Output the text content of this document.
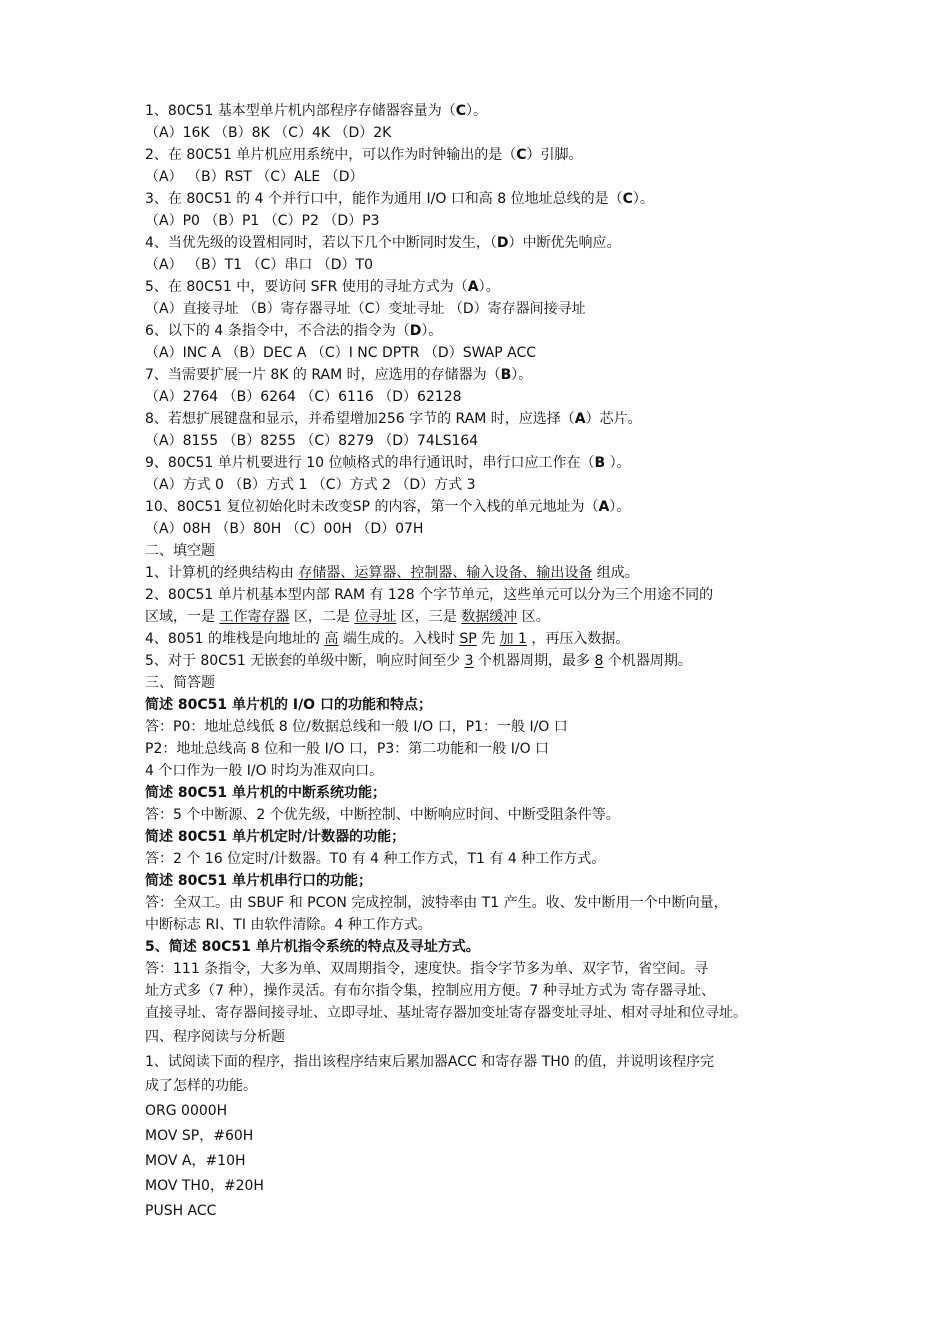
1、80C51 基本型单片机内部程序存储器容量为（C）。
（A）16K （B）8K （C）4K （D）2K
2、在 80C51 单片机应用系统中，可以作为时钟输出的是（C）引脚。
（A） （B）RST （C）ALE （D）
3、在 80C51 的 4 个并行口中，能作为通用 I/O 口和高 8 位地址总线的是（C）。
（A）P0 （B）P1 （C）P2 （D）P3
4、当优先级的设置相同时，若以下几个中断同时发生，（D）中断优先响应。
（A） （B）T1 （C）串口 （D）T0
5、在 80C51 中，要访问 SFR 使用的寻址方式为（A）。
（A）直接寻址 （B）寄存器寻址（C）变址寻址 （D）寄存器间接寻址
6、以下的 4 条指令中，不合法的指令为（D）。
（A）INC A （B）DEC A （C）I NC DPTR （D）SWAP ACC
7、当需要扩展一片 8K 的 RAM 时，应选用的存储器为（B）。
（A）2764 （B）6264 （C）6116 （D）62128
8、若想扩展键盘和显示，并希望增加256 字节的 RAM 时，应选择（A）芯片。
（A）8155 （B）8255 （C）8279 （D）74LS164
9、80C51 单片机要进行 10 位帧格式的串行通讯时，串行口应工作在（B ）。
（A）方式 0 （B）方式 1 （C）方式 2 （D）方式 3
10、80C51 复位初始化时未改变SP 的内容，第一个入栈的单元地址为（A）。
（A）08H （B）80H （C）00H （D）07H
二、填空题
1、计算机的经典结构由 存储器、运算器、控制器、输入设备、输出设备 组成。
2、80C51 单片机基本型内部 RAM 有 128 个字节单元，这些单元可以分为三个用途不同的
区域，一是 工作寄存器 区，二是 位寻址 区，三是 数据缓冲 区。
4、8051 的堆栈是向地址的 高 端生成的。入栈时 SP 先 加 1 ，再压入数据。
5、对于 80C51 无嵌套的单级中断，响应时间至少 3 个机器周期，最多 8 个机器周期。
三、简答题
简述 80C51 单片机的 I/O 口的功能和特点；
答：P0：地址总线低 8 位/数据总线和一般 I/O 口，P1：一般 I/O 口
P2：地址总线高 8 位和一般 I/O 口，P3：第二功能和一般 I/O 口
4 个口作为一般 I/O 时均为准双向口。
简述 80C51 单片机的中断系统功能；
答：5 个中断源、2 个优先级，中断控制、中断响应时间、中断受阻条件等。
简述 80C51 单片机定时/计数器的功能；
答：2 个 16 位定时/计数器。T0 有 4 种工作方式，T1 有 4 种工作方式。
简述 80C51 单片机串行口的功能；
答：全双工。由 SBUF 和 PCON 完成控制，波特率由 T1 产生。收、发中断用一个中断向量，
中断标志 RI、TI 由软件清除。4 种工作方式。
5、简述 80C51 单片机指令系统的特点及寻址方式。
答：111 条指令，大多为单、双周期指令，速度快。指令字节多为单、双字节，省空间。寻
址方式多（7 种），操作灵活。有布尔指令集，控制应用方便。7 种寻址方式为 寄存器寻址、
直接寻址、寄存器间接寻址、立即寻址、基址寄存器加变址寄存器变址寻址、相对寻址和位寻址。
四、程序阅读与分析题
1、试阅读下面的程序，指出该程序结束后累加器ACC 和寄存器 TH0 的值，并说明该程序完
成了怎样的功能。
ORG 0000H
MOV SP，#60H
MOV A，#10H
MOV TH0，#20H
PUSH ACC
